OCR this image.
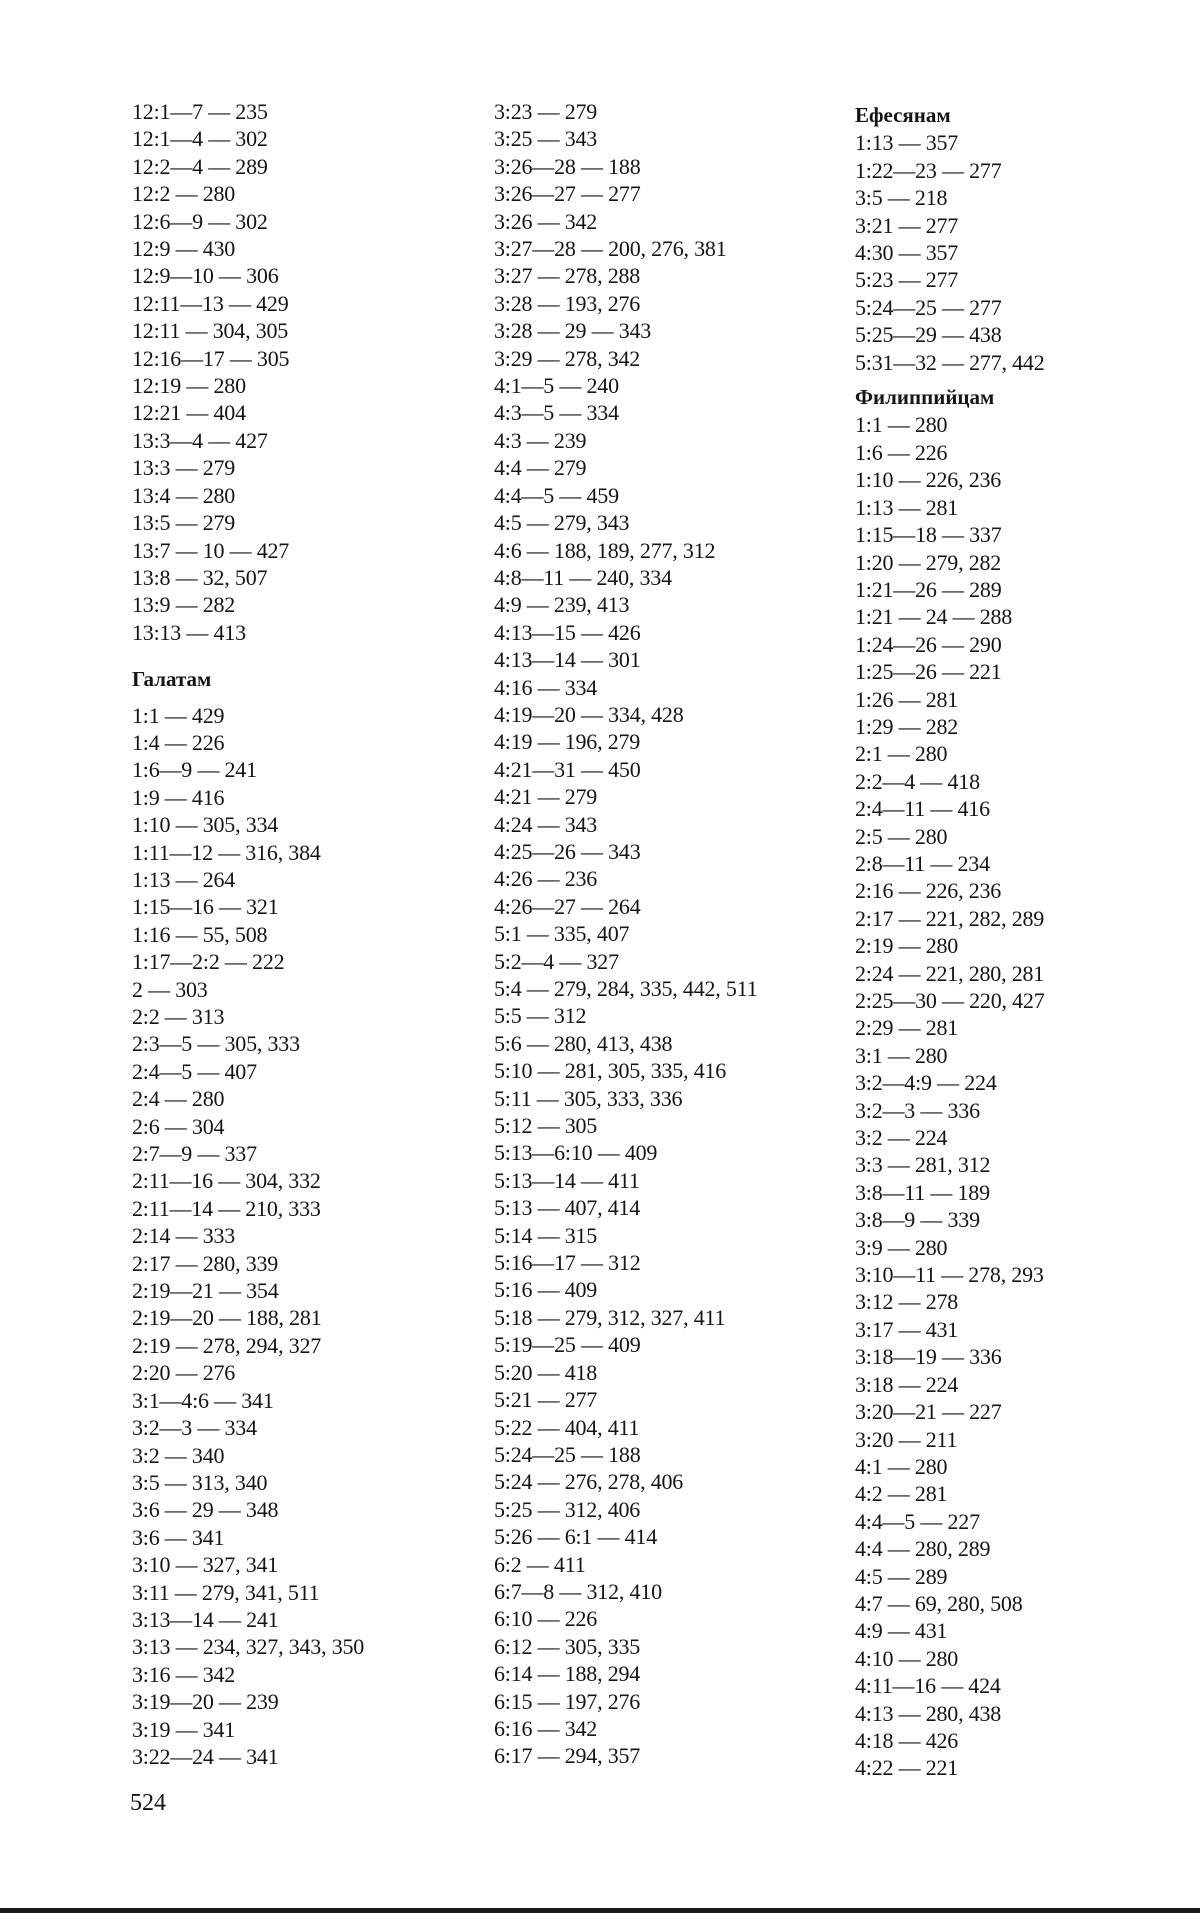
12:1—7 — 235
12:1—4 — 302
12:2—4 — 289
12:2 — 280
12:6—9 — 302
12:9 — 430
12:9—10 — 306
12:11—13 — 429
12:11 — 304, 305
12:16—17 — 305
12:19 — 280
12:21 — 404
13:3—4 — 427
13:3 — 279
13:4 — 280
13:5 — 279
13:7 — 10 — 427
13:8 — 32, 507
13:9 — 282
13:13 — 413
Галатам
1:1 — 429
1:4 — 226
1:6—9 — 241
1:9 — 416
1:10 — 305, 334
1:11—12 — 316, 384
1:13 — 264
1:15—16 — 321
1:16 — 55, 508
1:17—2:2 — 222
2 — 303
2:2 — 313
2:3—5 — 305, 333
2:4—5 — 407
2:4 — 280
2:6 — 304
2:7—9 — 337
2:11—16 — 304, 332
2:11—14 — 210, 333
2:14 — 333
2:17 — 280, 339
2:19—21 — 354
2:19—20 — 188, 281
2:19 — 278, 294, 327
2:20 — 276
3:1—4:6 — 341
3:2—3 — 334
3:2 — 340
3:5 — 313, 340
3:6 — 29 — 348
3:6 — 341
3:10 — 327, 341
3:11 — 279, 341, 511
3:13—14 — 241
3:13 — 234, 327, 343, 350
3:16 — 342
3:19—20 — 239
3:19 — 341
3:22—24 — 341
3:23 — 279
3:25 — 343
3:26—28 — 188
3:26—27 — 277
3:26 — 342
3:27—28 — 200, 276, 381
3:27 — 278, 288
3:28 — 193, 276
3:28 — 29 — 343
3:29 — 278, 342
4:1—5 — 240
4:3—5 — 334
4:3 — 239
4:4 — 279
4:4—5 — 459
4:5 — 279, 343
4:6 — 188, 189, 277, 312
4:8—11 — 240, 334
4:9 — 239, 413
4:13—15 — 426
4:13—14 — 301
4:16 — 334
4:19—20 — 334, 428
4:19 — 196, 279
4:21—31 — 450
4:21 — 279
4:24 — 343
4:25—26 — 343
4:26 — 236
4:26—27 — 264
5:1 — 335, 407
5:2—4 — 327
5:4 — 279, 284, 335, 442, 511
5:5 — 312
5:6 — 280, 413, 438
5:10 — 281, 305, 335, 416
5:11 — 305, 333, 336
5:12 — 305
5:13—6:10 — 409
5:13—14 — 411
5:13 — 407, 414
5:14 — 315
5:16—17 — 312
5:16 — 409
5:18 — 279, 312, 327, 411
5:19—25 — 409
5:20 — 418
5:21 — 277
5:22 — 404, 411
5:24—25 — 188
5:24 — 276, 278, 406
5:25 — 312, 406
5:26 — 6:1 — 414
6:2 — 411
6:7—8 — 312, 410
6:10 — 226
6:12 — 305, 335
6:14 — 188, 294
6:15 — 197, 276
6:16 — 342
6:17 — 294, 357
Ефесянам
1:13 — 357
1:22—23 — 277
3:5 — 218
3:21 — 277
4:30 — 357
5:23 — 277
5:24—25 — 277
5:25—29 — 438
5:31—32 — 277, 442
Филиппийцам
1:1 — 280
1:6 — 226
1:10 — 226, 236
1:13 — 281
1:15—18 — 337
1:20 — 279, 282
1:21—26 — 289
1:21 — 24 — 288
1:24—26 — 290
1:25—26 — 221
1:26 — 281
1:29 — 282
2:1 — 280
2:2—4 — 418
2:4—11 — 416
2:5 — 280
2:8—11 — 234
2:16 — 226, 236
2:17 — 221, 282, 289
2:19 — 280
2:24 — 221, 280, 281
2:25—30 — 220, 427
2:29 — 281
3:1 — 280
3:2—4:9 — 224
3:2—3 — 336
3:2 — 224
3:3 — 281, 312
3:8—11 — 189
3:8—9 — 339
3:9 — 280
3:10—11 — 278, 293
3:12 — 278
3:17 — 431
3:18—19 — 336
3:18 — 224
3:20—21 — 227
3:20 — 211
4:1 — 280
4:2 — 281
4:4—5 — 227
4:4 — 280, 289
4:5 — 289
4:7 — 69, 280, 508
4:9 — 431
4:10 — 280
4:11—16 — 424
4:13 — 280, 438
4:18 — 426
4:22 — 221
524
